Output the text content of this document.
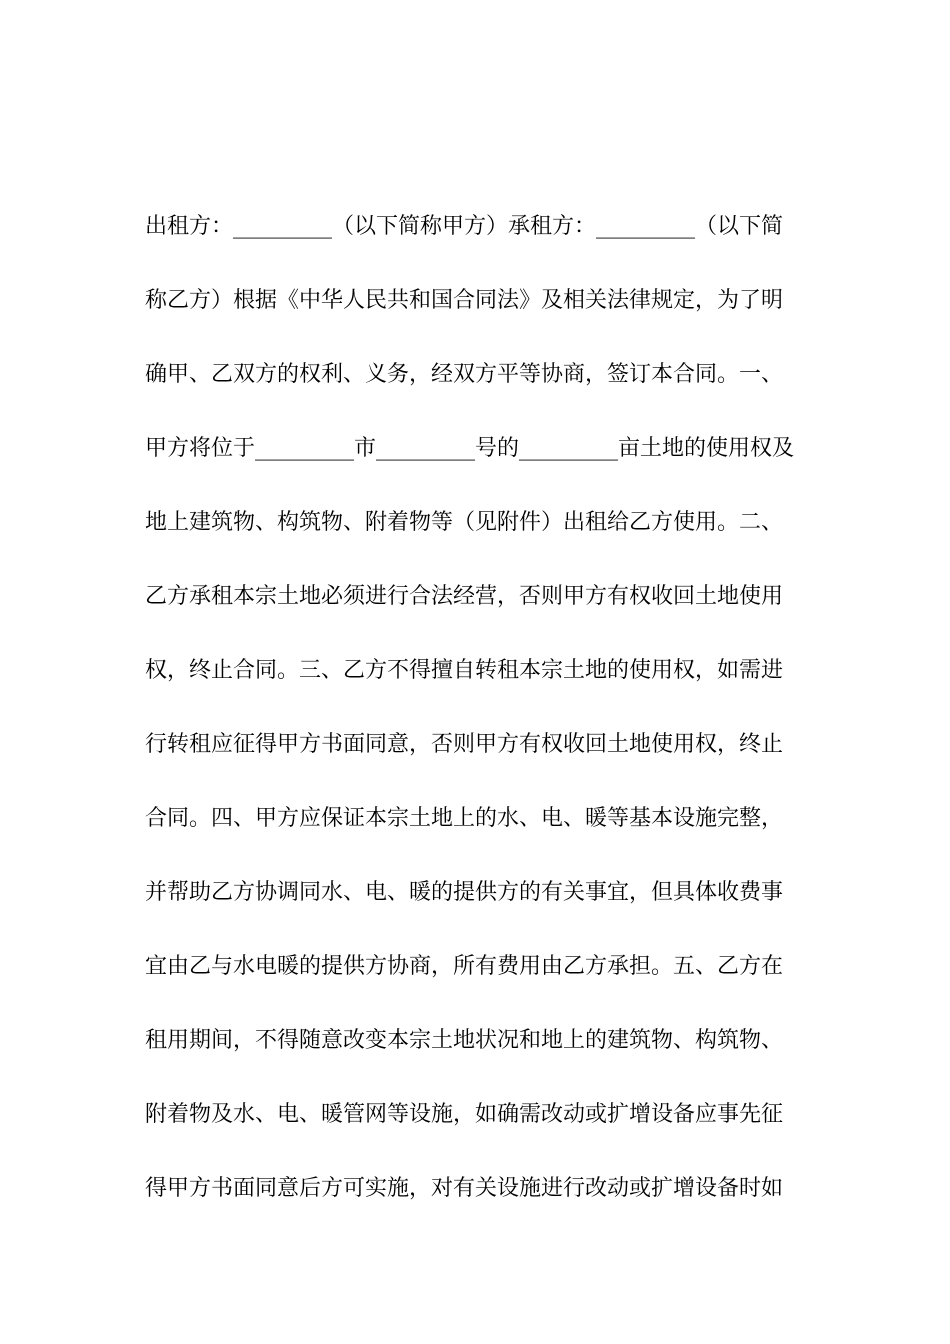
出租方：_________（以下简称甲方）承租方：_________（以下简
称乙方）根据《中华人民共和国合同法》及相关法律规定，为了明
确甲、乙双方的权利、义务，经双方平等协商，签订本合同。一、
甲方将位于_________市_________号的_________亩土地的使用权及
地上建筑物、构筑物、附着物等（见附件）出租给乙方使用。二、
乙方承租本宗土地必须进行合法经营，否则甲方有权收回土地使用
权，终止合同。三、乙方不得擅自转租本宗土地的使用权，如需进
行转租应征得甲方书面同意，否则甲方有权收回土地使用权，终止
合同。四、甲方应保证本宗土地上的水、电、暖等基本设施完整，
并帮助乙方协调同水、电、暖的提供方的有关事宜，但具体收费事
宜由乙与水电暖的提供方协商，所有费用由乙方承担。五、乙方在
租用期间，不得随意改变本宗土地状况和地上的建筑物、构筑物、
附着物及水、电、暖管网等设施，如确需改动或扩增设备应事先征
得甲方书面同意后方可实施，对有关设施进行改动或扩增设备时如
